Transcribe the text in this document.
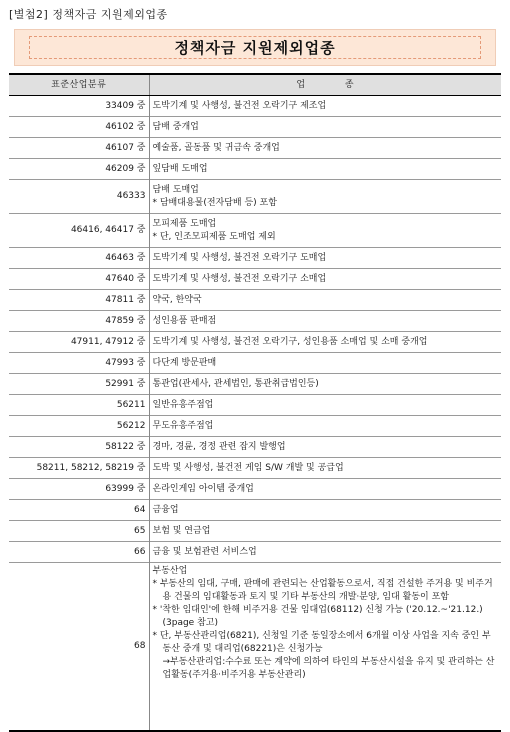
[별첨2] 정책자금 지원제외업종
정책자금 지원제외업종
표준산업분류	업 종
33409 중	도박기계 및 사행성, 불건전 오락기구 제조업

46102 중	담배 중개업

46107 중	예술품, 골동품 및 귀금속 중개업

46209 중	잎담배 도매업

46333	담배 도매업
* 담배대용물(전자담배 등) 포함

46416, 46417 중	모피제품 도매업
* 단, 인조모피제품 도매업 제외

46463 중	도박기계 및 사행성, 불건전 오락기구 도매업

47640 중	도박기계 및 사행성, 불건전 오락기구 소매업

47811 중	약국, 한약국

47859 중	성인용품 판매점

47911, 47912 중	도박기계 및 사행성, 불건전 오락기구, 성인용품 소매업 및 소매 중개업

47993 중	다단계 방문판매

52991 중	통관업(관세사, 관세법인, 통관취급법인등)

56211	일반유흥주점업

56212	무도유흥주점업

58122 중	경마, 경륜, 경정 관련 잡지 발행업

58211, 58212, 58219 중	도박 및 사행성, 불건전 게임 S/W 개발 및 공급업

63999 중	온라인게임 아이템 중개업

64	금융업

65	보험 및 연금업

66	금융 및 보험관련 서비스업

68	부동산업
* 부동산의 임대, 구매, 판매에 관련되는 산업활동으로서, 직접 건설한 주거용 및 비주거용 건물의 임대활동과 토지 및 기타 부동산의 개발·분양, 임대 활동이 포함
* '착한 임대인'에 한해 비주거용 건물 임대업(68112) 신청 가능 ('20.12.~'21.12.) (3page 참고)
* 단, 부동산관리업(6821), 신청일 기준 동일장소에서 6개월 이상 사업을 지속 중인 부동산 중개 및 대리업(68221)은 신청가능
→부동산관리업:수수료 또는 계약에 의하여 타인의 부동산시설을 유지 및 관리하는 산업활동(주거용·비주거용 부동산관리)
